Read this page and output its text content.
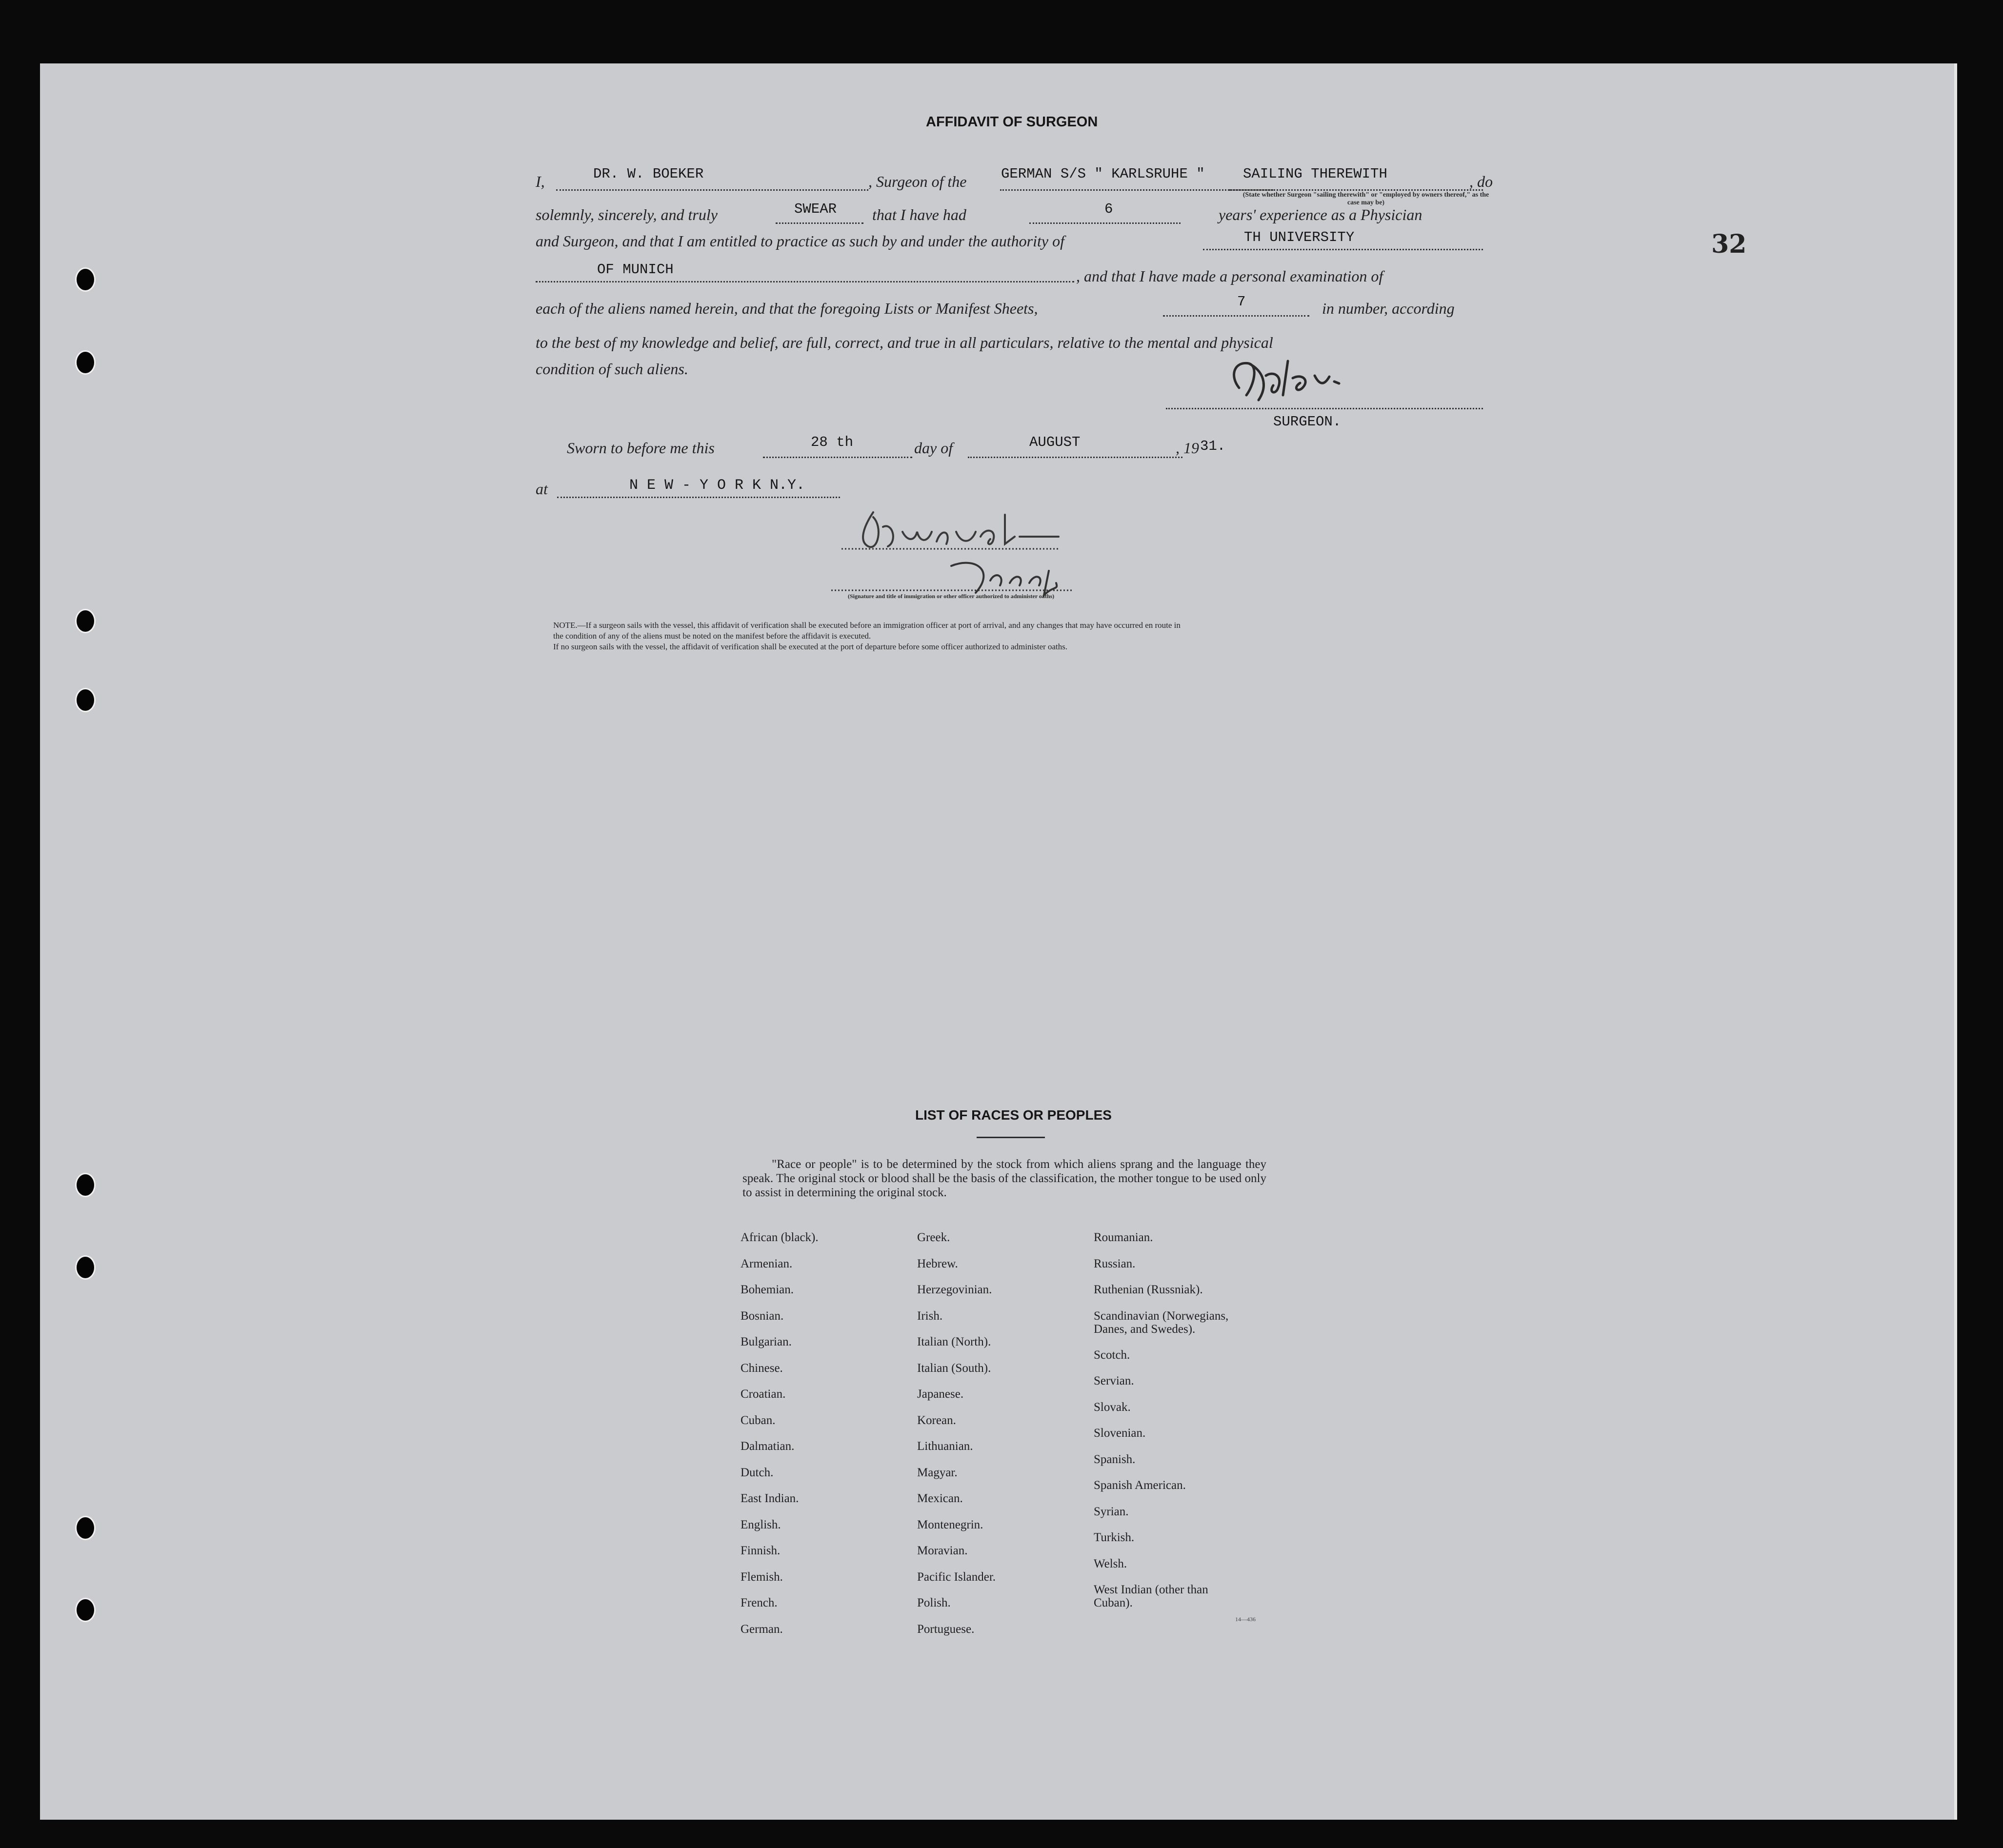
32
AFFIDAVIT OF SURGEON
I,	DR. W. BOEKER	, Surgeon of the GERMAN S/S " KARLSRUHE "	SAILING THEREWITH	, do
(State whether Surgeon "sailing therewith" or "employed by owners thereof," as the case may be)
solemnly, sincerely, and truly	SWEAR that I have had	6	years' experience as a Physician
and Surgeon, and that I am entitled to practice as such by and under the authority of	TH UNIVERSITY
OF MUNICH	, and that I have made a personal examination of
each of the aliens named herein, and that the foregoing Lists or Manifest Sheets,	7	in number, according
to the best of my knowledge and belief, are full, correct, and true in all particulars, relative to the mental and physical
condition of such aliens.
SURGEON.
Sworn to before me this	28 th	day of	AUGUST	, 19 31.
at	N E W - Y O R K N.Y.
(Signature and title of immigration or other officer authorized to administer oaths)
NOTE.—If a surgeon sails with the vessel, this affidavit of verification shall be executed before an immigration officer at port of arrival, and any changes that may have occurred en route in
the condition of any of the aliens must be noted on the manifest before the affidavit is executed.
If no surgeon sails with the vessel, the affidavit of verification shall be executed at the port of departure before some officer authorized to administer oaths.
LIST OF RACES OR PEOPLES
"Race or people" is to be determined by the stock from which aliens sprang and the language they speak. The original stock or blood shall be the basis of the classification, the mother tongue to be used only to assist in determining the original stock.

African (black).
Armenian.
Bohemian.
Bosnian.
Bulgarian.
Chinese.
Croatian.
Cuban.
Dalmatian.
Dutch.
East Indian.
English.
Finnish.
Flemish.
French.
German.

Greek.
Hebrew.
Herzegovinian.
Irish.
Italian (North).
Italian (South).
Japanese.
Korean.
Lithuanian.
Magyar.
Mexican.
Montenegrin.
Moravian.
Pacific Islander.
Polish.
Portuguese.

Roumanian.
Russian.
Ruthenian (Russniak).
Scandinavian (Norwegians,
Danes, and Swedes).
Scotch.
Servian.
Slovak.
Slovenian.
Spanish.
Spanish American.
Syrian.
Turkish.
Welsh.
West Indian (other than
Cuban).

14—436
